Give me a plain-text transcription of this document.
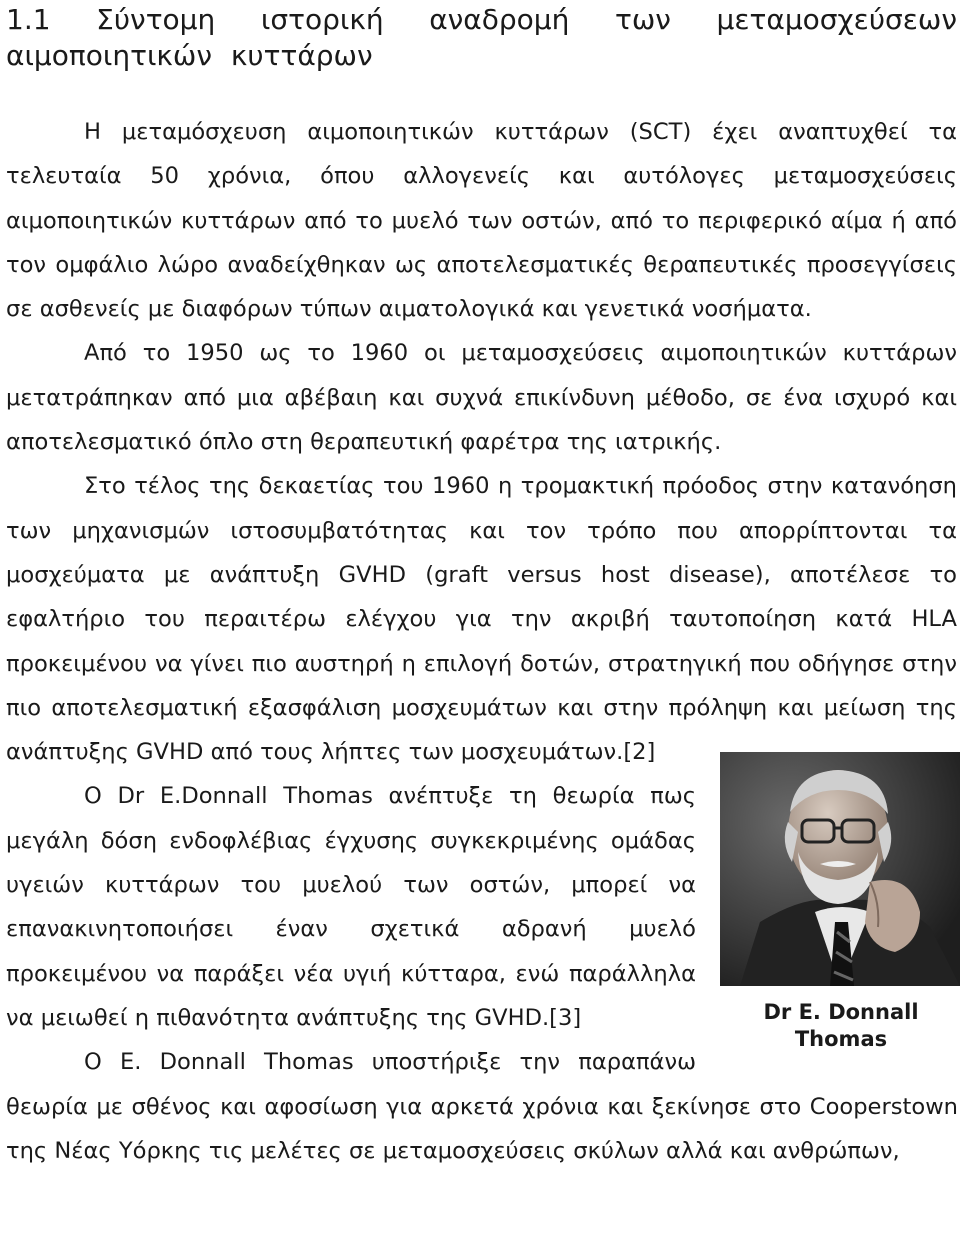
1.1 Σύντομη ιστορική αναδρομή των μεταμοσχεύσεων αιμοποιητικών κυττάρων

Η μεταμόσχευση αιμοποιητικών κυττάρων (SCT) έχει αναπτυχθεί τα τελευταία 50 χρόνια, όπου αλλογενείς και αυτόλογες μεταμοσχεύσεις αιμοποιητικών κυττάρων από το μυελό των οστών, από το περιφερικό αίμα ή από τον ομφάλιο λώρο αναδείχθηκαν ως αποτελεσματικές θεραπευτικές προσεγγίσεις σε ασθενείς με διαφόρων τύπων αιματολογικά και γενετικά νοσήματα.

Από το 1950 ως το 1960 οι μεταμοσχεύσεις αιμοποιητικών κυττάρων μετατράπηκαν από μια αβέβαιη και συχνά επικίνδυνη μέθοδο, σε ένα ισχυρό και αποτελεσματικό όπλο στη θεραπευτική φαρέτρα της ιατρικής.

Στο τέλος της δεκαετίας του 1960 η τρομακτική πρόοδος στην κατανόηση των μηχανισμών ιστοσυμβατότητας και τον τρόπο που απορρίπτονται τα μοσχεύματα με ανάπτυξη GVHD (graft versus host disease), αποτέλεσε το εφαλτήριο του περαιτέρω ελέγχου για την ακριβή ταυτοποίηση κατά HLA προκειμένου να γίνει πιο αυστηρή η επιλογή δοτών, στρατηγική που οδήγησε στην πιο αποτελεσματική εξασφάλιση μοσχευμάτων και στην πρόληψη και μείωση της ανάπτυξης GVHD από τους λήπτες των μοσχευμάτων.[2]

Ο Dr E.Donnall Thomas ανέπτυξε τη θεωρία πως μεγάλη δόση ενδοφλέβιας έγχυσης συγκεκριμένης ομάδας υγειών κυττάρων του μυελού των οστών, μπορεί να επανακινητοποιήσει έναν σχετικά αδρανή μυελό προκειμένου να παράξει νέα υγιή κύτταρα, ενώ παράλληλα να μειωθεί η πιθανότητα ανάπτυξης της GVHD.[3]

Ο E. Donnall Thomas υποστήριξε την παραπάνω θεωρία με σθένος και αφοσίωση για αρκετά χρόνια και ξεκίνησε στο Cooperstown της Νέας Υόρκης τις μελέτες σε μεταμοσχεύσεις σκύλων αλλά και ανθρώπων,

Dr E. Donnall Thomas
